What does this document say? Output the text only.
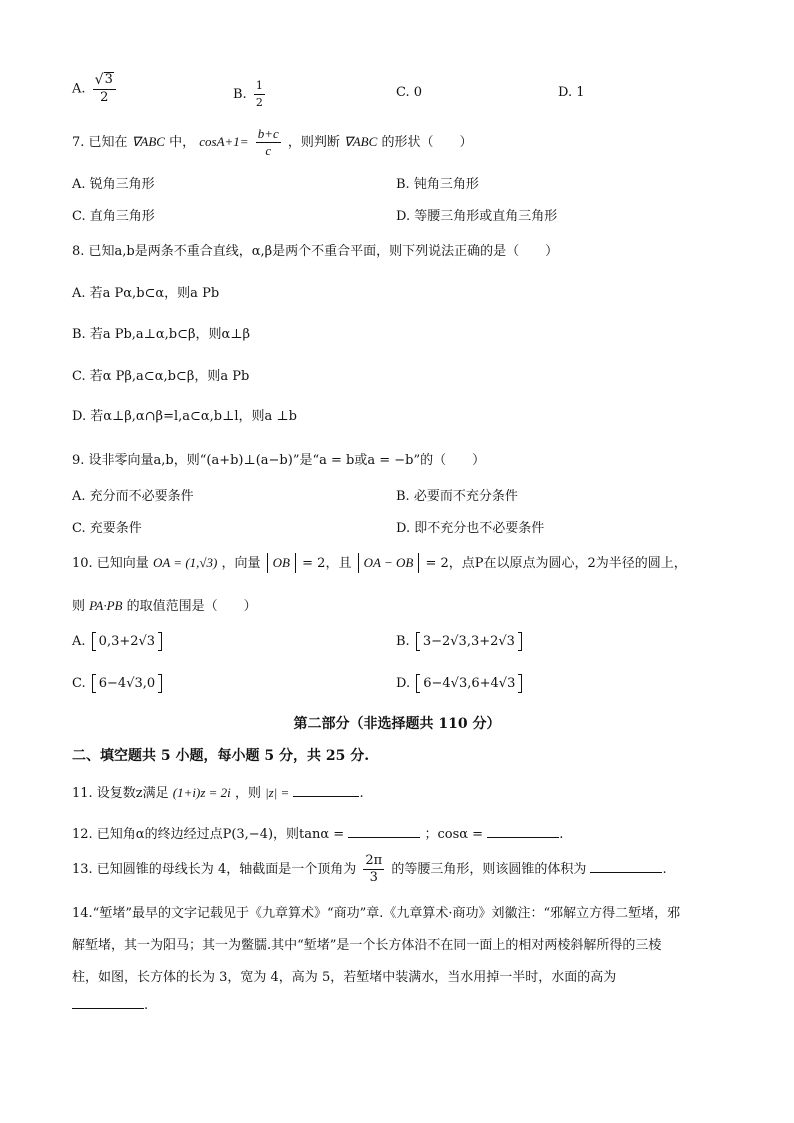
A. $\frac{√ 3}{2}$	B. $\frac{1}{2}$	C. 0	D. 1
7. 已知在 ∇ABC 中， $\cos A+1= \frac{b+c}{c}$ ，则判断 ∇ABC 的形状（　　）
A. 锐角三角形	B. 钝角三角形
C. 直角三角形	D. 等腰三角形或直角三角形
8. 已知a,b是两条不重合直线，α,β是两个不重合平面，则下列说法正确的是（　　）
A. 若a Pα,b⊂α，则a Pb
B. 若a Pb,a⊥α,b⊂β，则α⊥β
C. 若α Pβ,a⊂α,b⊂β，则a Pb
D. 若α⊥β,α∩β=l,a⊂α,b⊥l，则a ⊥b
9. 设非零向量a,b，则“(a+b)⊥(a−b)”是“a = b或a = −b”的（　　）
A. 充分而不必要条件	B. 必要而不充分条件
C. 充要条件	D. 即不充分也不必要条件
10. 已知向量 OA = (1,√3) ，向量 OB = 2，且 OA − OB = 2，点P在以原点为圆心，2为半径的圆上，
则 PA·PB 的取值范围是（　　）
A. 0,3+2√3	B. 3−2√3,3+2√3
C. 6−4√3,0	D. 6−4√3,6+4√3
第二部分（非选择题共 110 分）
二、填空题共 5 小题，每小题 5 分，共 25 分.
11. 设复数z满足 (1+i)z = 2i ，则 |z| =	.
12. 已知角α的终边经过点P(3,−4)，则tanα =	；cosα =	.
13. 已知圆锥的母线长为 4，轴截面是一个顶角为 $\frac{2\pi}{3}$ 的等腰三角形，则该圆锥的体积为	.
14.“堑堵”最早的文字记载见于《九章算术》“商功”章.《九章算术·商功》刘徽注：“邪解立方得二堑堵，邪
解堑堵，其一为阳马；其一为鳖臑.其中“堑堵”是一个长方体沿不在同一面上的相对两棱斜解所得的三棱
柱，如图，长方体的长为 3，宽为 4，高为 5，若堑堵中装满水，当水用掉一半时，水面的高为
.
